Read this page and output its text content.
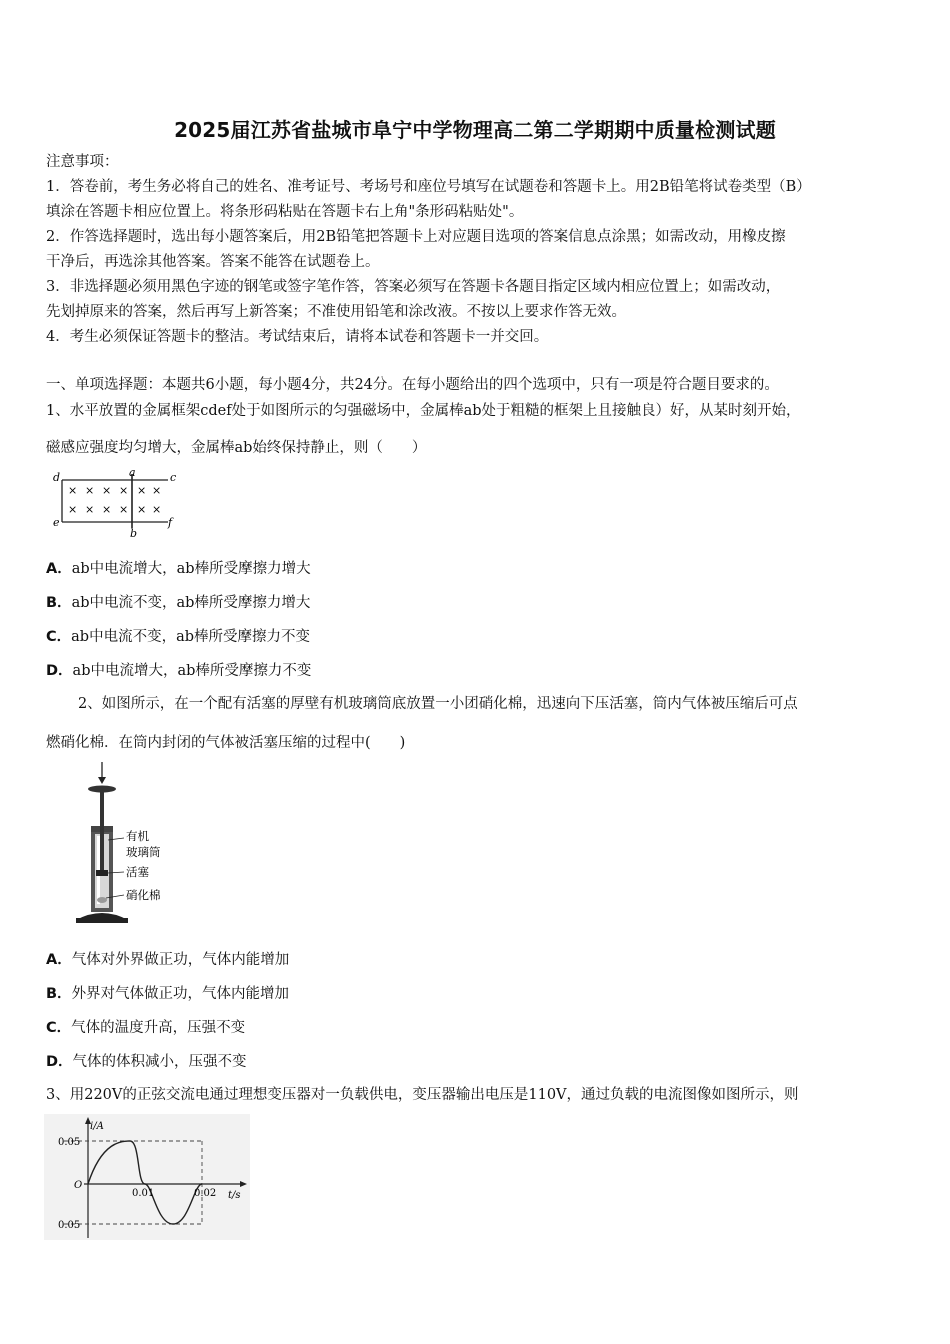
2025届江苏省盐城市阜宁中学物理高二第二学期期中质量检测试题
注意事项：
1．答卷前，考生务必将自己的姓名、准考证号、考场号和座位号填写在试题卷和答题卡上。用2B铅笔将试卷类型（B）
填涂在答题卡相应位置上。将条形码粘贴在答题卡右上角"条形码粘贴处"。
2．作答选择题时，选出每小题答案后，用2B铅笔把答题卡上对应题目选项的答案信息点涂黑；如需改动，用橡皮擦
干净后，再选涂其他答案。答案不能答在试题卷上。
3．非选择题必须用黑色字迹的钢笔或签字笔作答，答案必须写在答题卡各题目指定区域内相应位置上；如需改动，
先划掉原来的答案，然后再写上新答案；不准使用铅笔和涂改液。不按以上要求作答无效。
4．考生必须保证答题卡的整洁。考试结束后，请将本试卷和答题卡一并交回。
一、单项选择题：本题共6小题，每小题4分，共24分。在每小题给出的四个选项中，只有一项是符合题目要求的。
1、水平放置的金属框架cdef处于如图所示的匀强磁场中，金属棒ab处于粗糙的框架上且接触良）好，从某时刻开始，
磁感应强度均匀增大，金属棒ab始终保持静止，则（　　）
d	a	c
e
b
f
× × × × × ×
× × × × × ×
A．ab中电流增大，ab棒所受摩擦力增大
B．ab中电流不变，ab棒所受摩擦力增大
C．ab中电流不变，ab棒所受摩擦力不变
D．ab中电流增大，ab棒所受摩擦力不变
2、如图所示，在一个配有活塞的厚壁有机玻璃筒底放置一小团硝化棉，迅速向下压活塞，筒内气体被压缩后可点
燃硝化棉．在筒内封闭的气体被活塞压缩的过程中(　　)
有机
玻璃筒
活塞
硝化棉
A．气体对外界做正功，气体内能增加
B．外界对气体做正功，气体内能增加
C．气体的温度升高，压强不变
D．气体的体积减小，压强不变
3、用220V的正弦交流电通过理想变压器对一负载供电，变压器输出电压是110V，通过负载的电流图像如图所示，则
i/A
0.05
0.05
O
0.01	0.02 t/s
